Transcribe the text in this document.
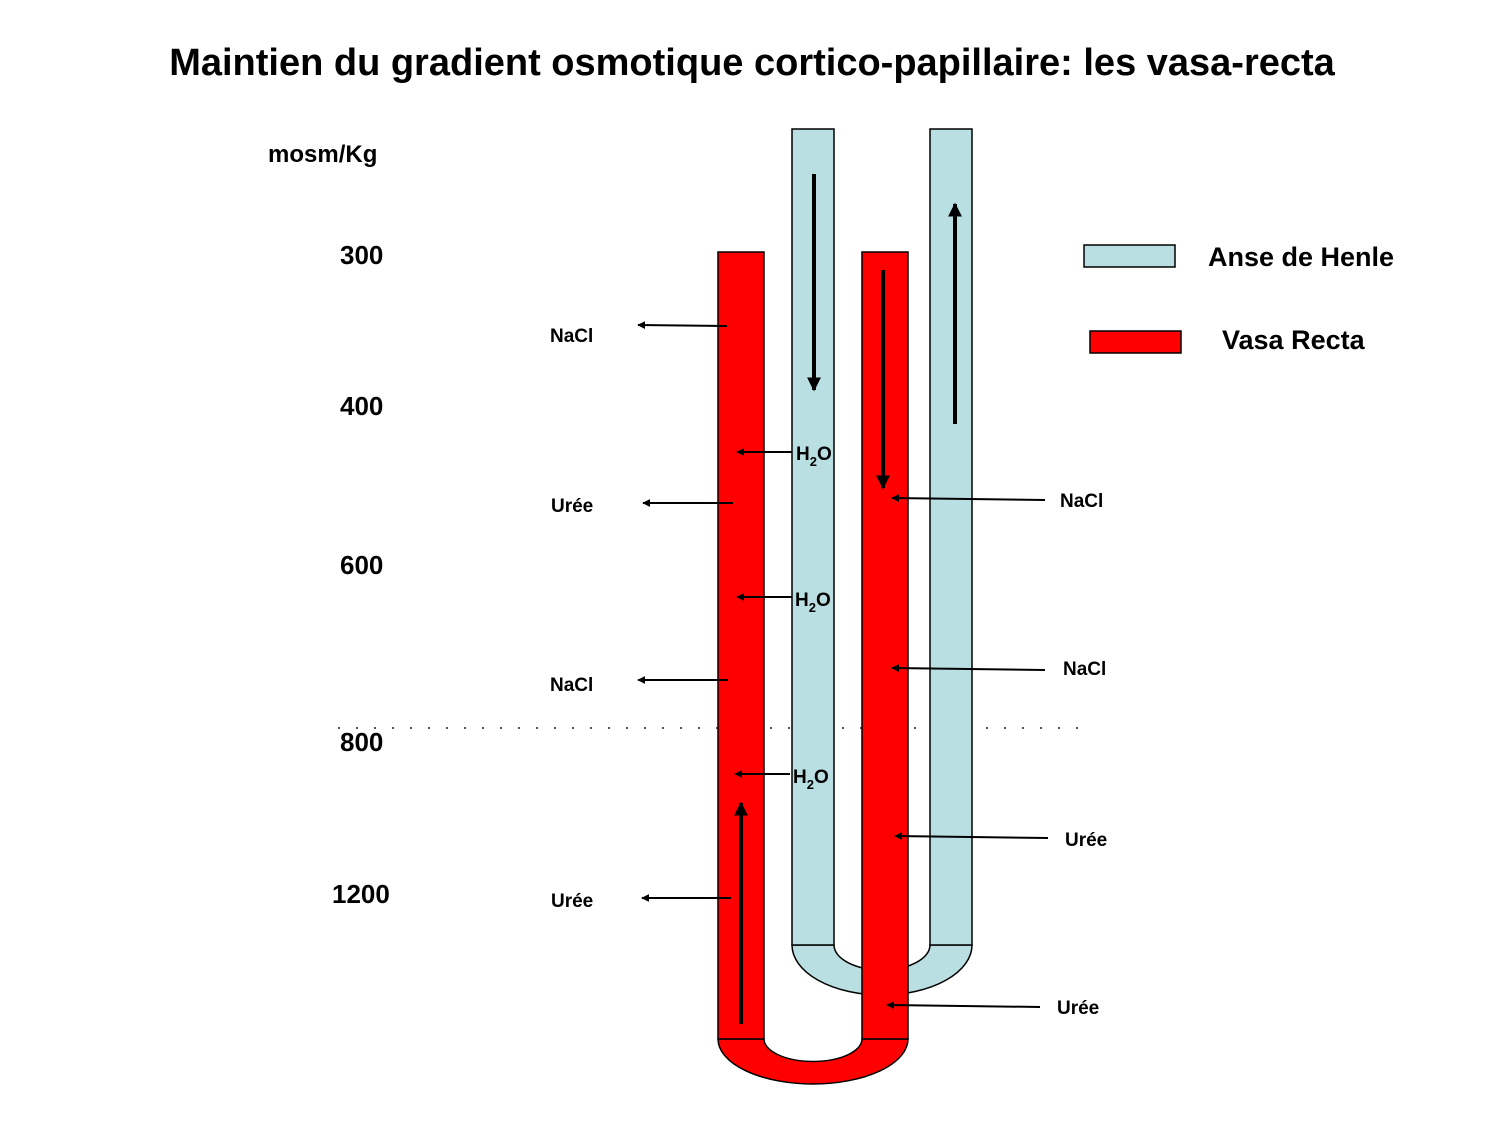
Maintien du gradient osmotique cortico-papillaire: les vasa-recta
mosm/Kg
300
400
600
800
1200
NaCl
Urée
NaCl
Urée
$H_2O$
$H_2O$
$H_2O$
NaCl
NaCl
Urée
Urée
Anse de Henle
Vasa Recta
